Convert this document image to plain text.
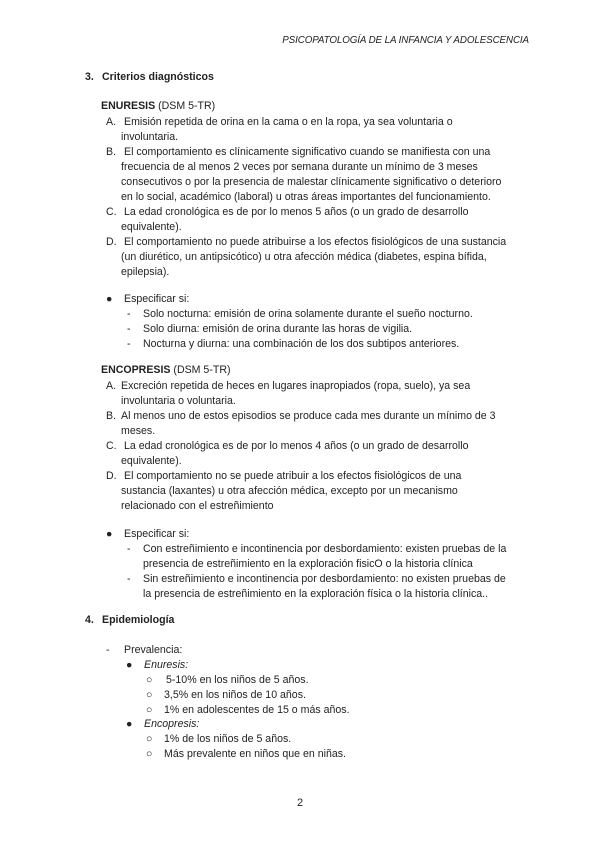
PSICOPATOLOGÍA DE LA INFANCIA Y ADOLESCENCIA
3. Criterios diagnósticos
ENURESIS (DSM 5-TR)
A. Emisión repetida de orina en la cama o en la ropa, ya sea voluntaria o
involuntaria.
B. El comportamiento es clínicamente significativo cuando se manifiesta con una
frecuencia de al menos 2 veces por semana durante un mínimo de 3 meses
consecutivos o por la presencia de malestar clínicamente significativo o deterioro
en lo social, académico (laboral) u otras áreas importantes del funcionamiento.
C. La edad cronológica es de por lo menos 5 años (o un grado de desarrollo
equivalente).
D. El comportamiento no puede atribuirse a los efectos fisiológicos de una sustancia
(un diurético, un antipsicótico) u otra afección médica (diabetes, espina bífida,
epilepsia).
● Especificar si:
- Solo nocturna: emisión de orina solamente durante el sueño nocturno.
- Solo diurna: emisión de orina durante las horas de vigilia.
- Nocturna y diurna: una combinación de los dos subtipos anteriores.
ENCOPRESIS (DSM 5-TR)
A. Excreción repetida de heces en lugares inapropiados (ropa, suelo), ya sea
involuntaria o voluntaria.
B. Al menos uno de estos episodios se produce cada mes durante un mínimo de 3
meses.
C. La edad cronológica es de por lo menos 4 años (o un grado de desarrollo
equivalente).
D. El comportamiento no se puede atribuir a los efectos fisiológicos de una
sustancia (laxantes) u otra afección médica, excepto por un mecanismo
relacionado con el estreñimiento
● Especificar si:
- Con estreñimiento e incontinencia por desbordamiento: existen pruebas de la
presencia de estreñimiento en la exploración fisicO o la historia clínica
- Sin estreñimiento e incontinencia por desbordamiento: no existen pruebas de
la presencia de estreñimiento en la exploración física o la historia clínica..
4. Epidemiología
- Prevalencia:
● Enuresis:
○ 5-10% en los niños de 5 años.
○ 3,5% en los niños de 10 años.
○ 1% en adolescentes de 15 o más años.
● Encopresis:
○ 1% de los niños de 5 años.
○ Más prevalente en niños que en niñas.
2
